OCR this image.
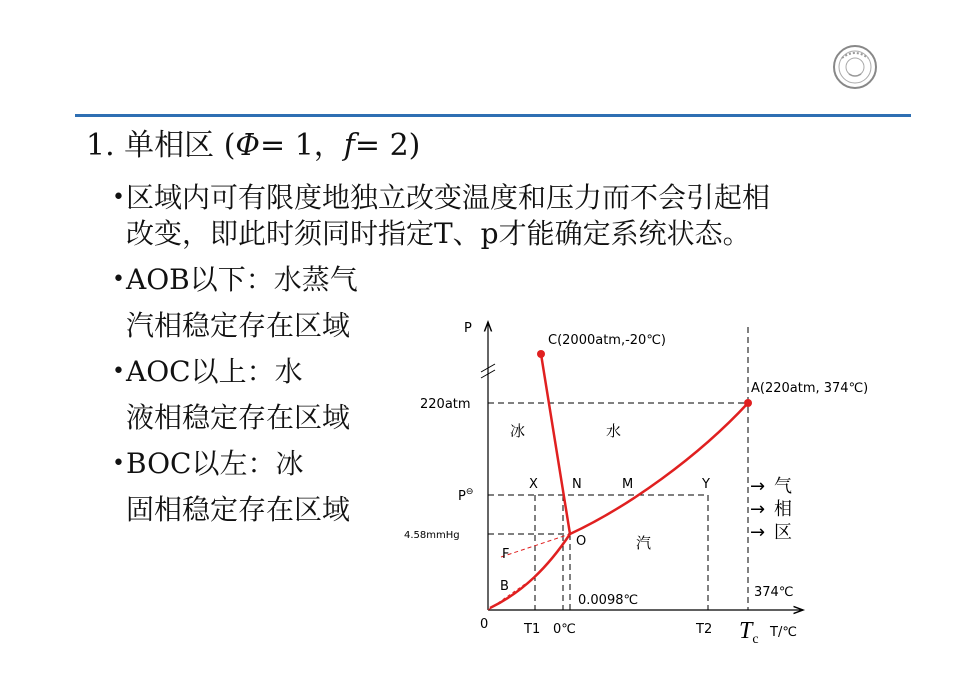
1. 单相区 (Φ= 1，f= 2)
• 区域内可有限度地独立改变温度和压力而不会引起相
改变，即此时须同时指定T、p才能确定系统状态。
• AOB以下：水蒸气
汽相稳定存在区域
• AOC以上：水
液相稳定存在区域
• BOC以左：冰
固相稳定存在区域
P
C(2000atm,-20℃)
A(220atm, 374℃)
220atm
P⊖
4.58mmHg
冰	水
汽
X	N	M	Y
F
O
B
0.0098℃
374℃
0	T1 0℃	T2	T/℃
$T_c$
→ 气
→ 相
→ 区
